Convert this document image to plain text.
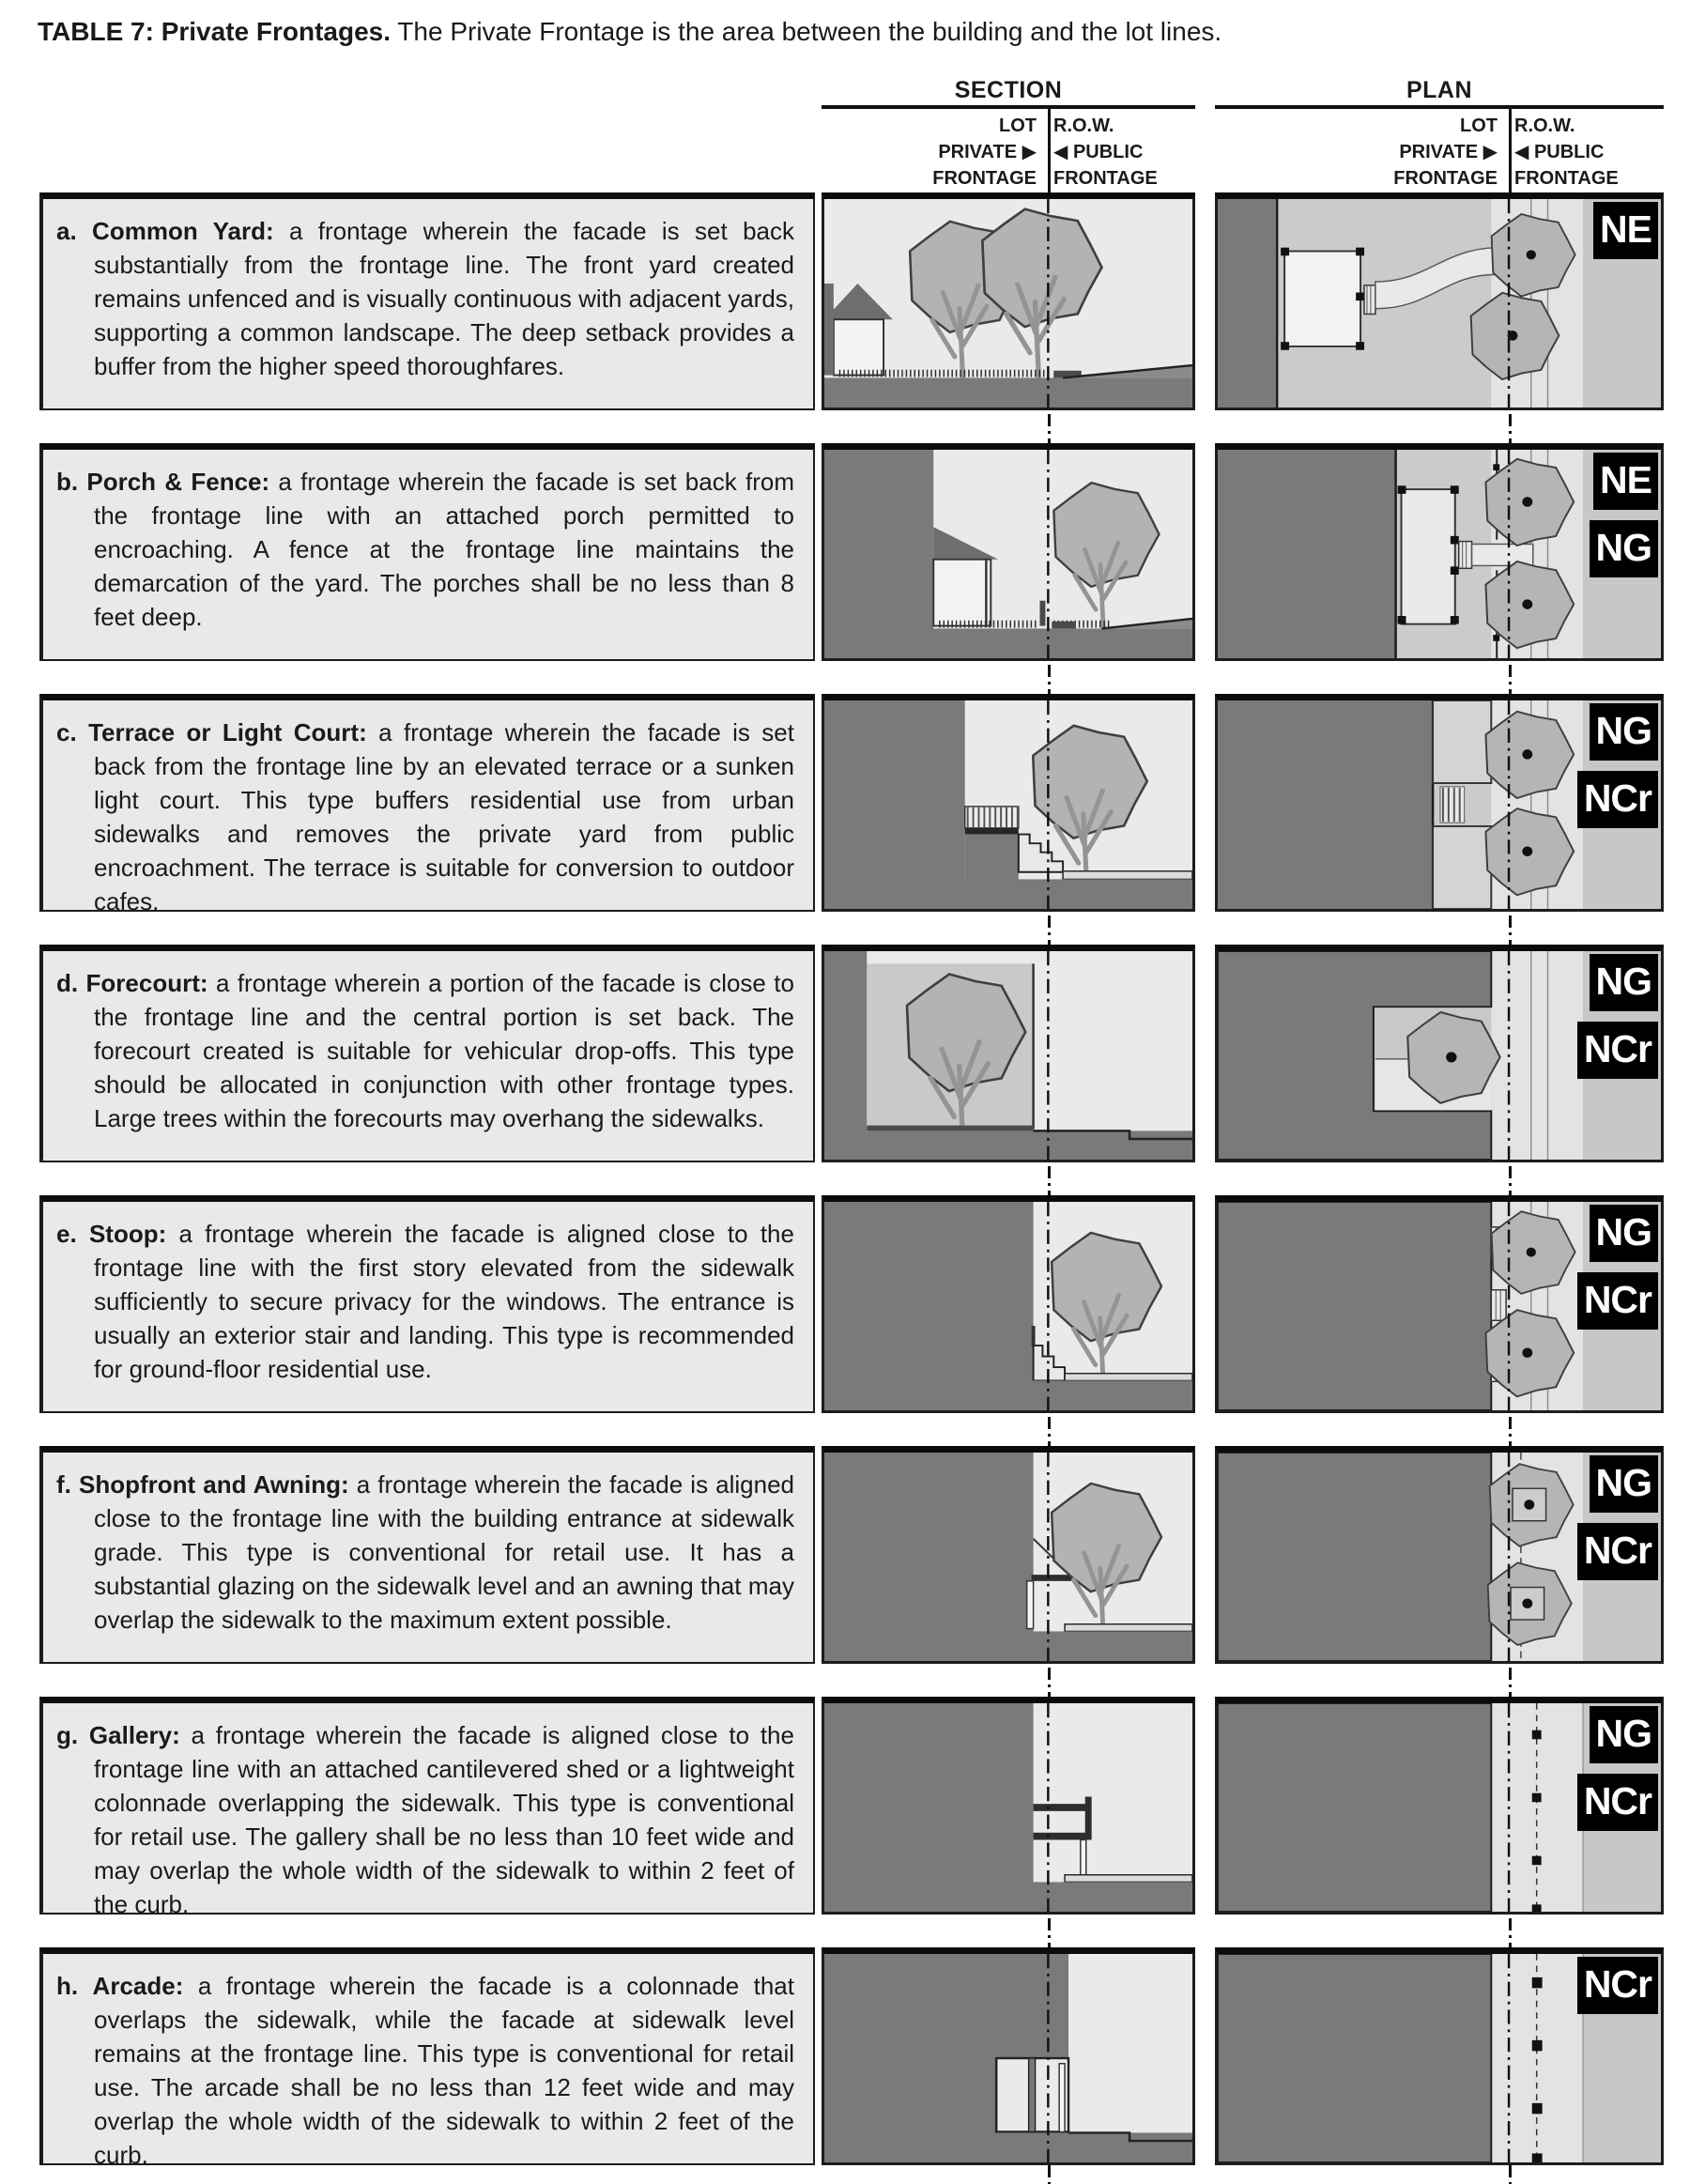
TABLE 7: Private Frontages. The Private Frontage is the area between the building and the lot lines.
SECTION	PLAN
LOT R.O.W.
PRIVATE ▶ ◀ PUBLIC
FRONTAGE FRONTAGE
LOT R.O.W.
PRIVATE ▶ ◀ PUBLIC
FRONTAGE FRONTAGE

a. Common Yard: a frontage wherein the facade is set back substantially from the frontage line. The front yard created remains unfenced and is visually continuous with adjacent yards, supporting a common landscape. The deep setback provides a buffer from the higher speed thoroughfares.

NE

b. Porch & Fence: a frontage wherein the facade is set back from the frontage line with an attached porch permitted to encroaching. A fence at the frontage line maintains the demarcation of the yard. The porches shall be no less than 8 feet deep.

NE
NG

c. Terrace or Light Court: a frontage wherein the facade is set back from the frontage line by an elevated terrace or a sunken light court. This type buffers residential use from urban sidewalks and removes the private yard from public encroachment. The terrace is suitable for conversion to outdoor cafes.

NG
NCr

d. Forecourt: a frontage wherein a portion of the facade is close to the frontage line and the central portion is set back. The forecourt created is suitable for vehicular drop-offs. This type should be allocated in conjunction with other frontage types. Large trees within the forecourts may overhang the sidewalks.

NG
NCr

e. Stoop: a frontage wherein the facade is aligned close to the frontage line with the first story elevated from the sidewalk sufficiently to secure privacy for the windows. The entrance is usually an exterior stair and landing. This type is recommended for ground-floor residential use.

NG
NCr

f. Shopfront and Awning: a frontage wherein the facade is aligned close to the frontage line with the building entrance at sidewalk grade. This type is conventional for retail use. It has a substantial glazing on the sidewalk level and an awning that may overlap the sidewalk to the maximum extent possible.

NG
NCr

g. Gallery: a frontage wherein the facade is aligned close to the frontage line with an attached cantilevered shed or a lightweight colonnade overlapping the sidewalk. This type is conventional for retail use. The gallery shall be no less than 10 feet wide and may overlap the whole width of the sidewalk to within 2 feet of the curb.

NG
NCr

h. Arcade: a frontage wherein the facade is a colonnade that overlaps the sidewalk, while the facade at sidewalk level remains at the frontage line. This type is conventional for retail use. The arcade shall be no less than 12 feet wide and may overlap the whole width of the sidewalk to within 2 feet of the curb.

NCr
